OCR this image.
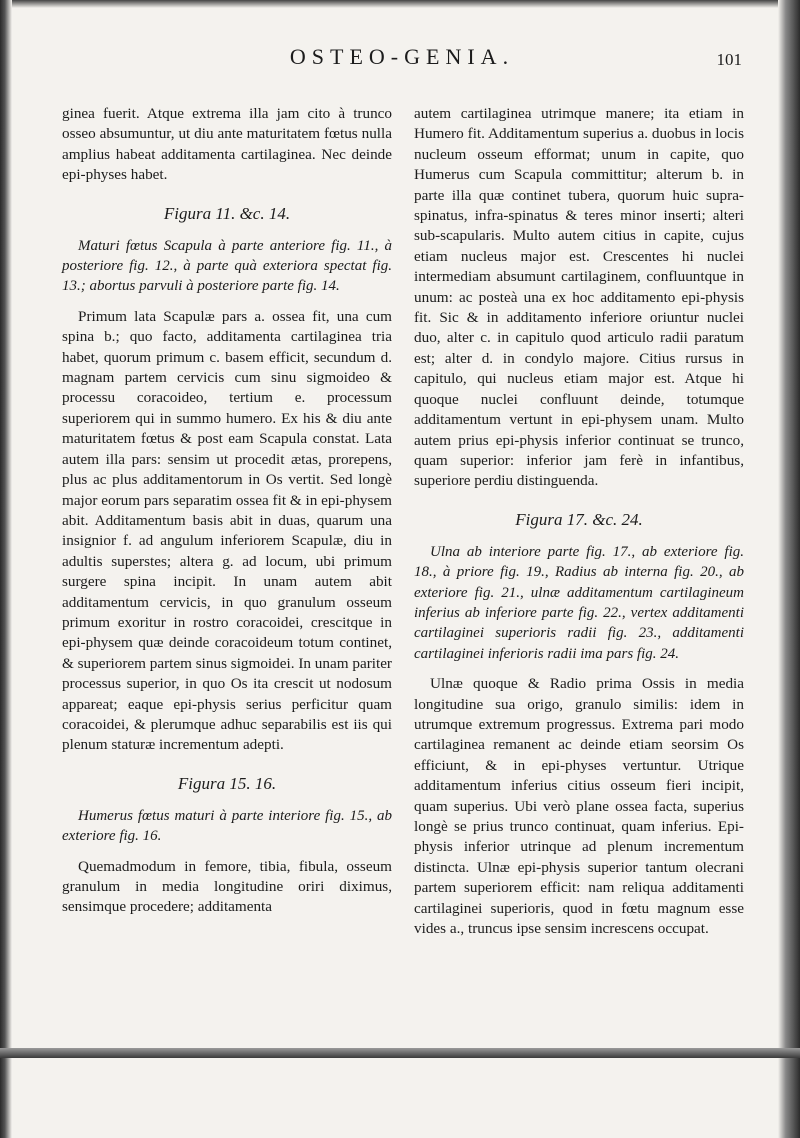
OSTEO-GENIA.	101

ginea fuerit. Atque extrema illa jam cito à trunco osseo absumuntur, ut diu ante maturitatem fœtus nulla amplius habeat additamenta cartilaginea. Nec deinde epi-physes habet.

Figura 11. &c. 14.

Maturi fœtus Scapula à parte anteriore fig. 11., à posteriore fig. 12., à parte quà exteriora spectat fig. 13.; abortus parvuli à posteriore parte fig. 14.

Primum lata Scapulæ pars a. ossea fit, una cum spina b.; quo facto, additamenta cartilaginea tria habet, quorum primum c. basem efficit, secundum d. magnam partem cervicis cum sinu sigmoideo & processu coracoideo, tertium e. processum superiorem qui in summo humero. Ex his & diu ante maturitatem fœtus & post eam Scapula constat. Lata autem illa pars: sensim ut procedit ætas, prorepens, plus ac plus additamentorum in Os vertit. Sed longè major eorum pars separatim ossea fit & in epi-physem abit. Additamentum basis abit in duas, quarum una insignior f. ad angulum inferiorem Scapulæ, diu in adultis superstes; altera g. ad locum, ubi primum surgere spina incipit. In unam autem abit additamentum cervicis, in quo granulum osseum primum exoritur in rostro coracoidei, crescitque in epi-physem quæ deinde coracoideum totum continet, & superiorem partem sinus sigmoidei. In unam pariter processus superior, in quo Os ita crescit ut nodosum appareat; eaque epi-physis serius perficitur quam coracoidei, & plerumque adhuc separabilis est iis qui plenum staturæ incrementum adepti.

Figura 15. 16.

Humerus fœtus maturi à parte interiore fig. 15., ab exteriore fig. 16.

Quemadmodum in femore, tibia, fibula, osseum granulum in media longitudine oriri diximus, sensimque procedere; additamenta

autem cartilaginea utrimque manere; ita etiam in Humero fit. Additamentum superius a. duobus in locis nucleum osseum efformat; unum in capite, quo Humerus cum Scapula committitur; alterum b. in parte illa quæ continet tubera, quorum huic supra-spinatus, infra-spinatus & teres minor inserti; alteri sub-scapularis. Multo autem citius in capite, cujus etiam nucleus major est. Crescentes hi nuclei intermediam absumunt cartilaginem, confluuntque in unum: ac posteà una ex hoc additamento epi-physis fit. Sic & in additamento inferiore oriuntur nuclei duo, alter c. in capitulo quod articulo radii paratum est; alter d. in condylo majore. Citius rursus in capitulo, qui nucleus etiam major est. Atque hi quoque nuclei confluunt deinde, totumque additamentum vertunt in epi-physem unam. Multo autem prius epi-physis inferior continuat se trunco, quam superior: inferior jam ferè in infantibus, superiore perdiu distinguenda.

Figura 17. &c. 24.

Ulna ab interiore parte fig. 17., ab exteriore fig. 18., à priore fig. 19., Radius ab interna fig. 20., ab exteriore fig. 21., ulnæ additamentum cartilagineum inferius ab inferiore parte fig. 22., vertex additamenti cartilaginei superioris radii fig. 23., additamenti cartilaginei inferioris radii ima pars fig. 24.

Ulnæ quoque & Radio prima Ossis in media longitudine sua origo, granulo similis: idem in utrumque extremum progressus. Extrema pari modo cartilaginea remanent ac deinde etiam seorsim Os efficiunt, & in epi-physes vertuntur. Utrique additamentum inferius citius osseum fieri incipit, quam superius. Ubi verò plane ossea facta, superius longè se prius trunco continuat, quam inferius. Epi-physis inferior utrinque ad plenum incrementum distincta. Ulnæ epi-physis superior tantum olecrani partem superiorem efficit: nam reliqua additamenti cartilaginei superioris, quod in fœtu magnum esse vides a., truncus ipse sensim increscens occupat.
